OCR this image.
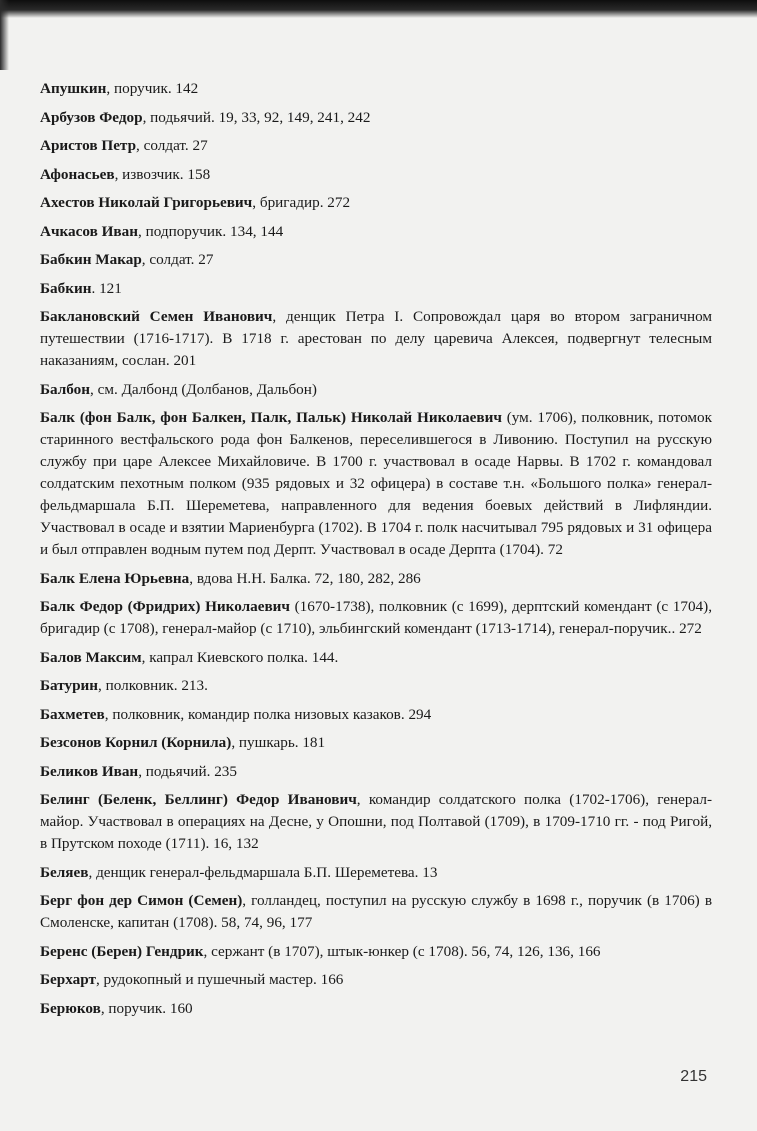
Апушкин, поручик. 142

Арбузов Федор, подьячий. 19, 33, 92, 149, 241, 242

Аристов Петр, солдат. 27

Афонасьев, извозчик. 158

Ахестов Николай Григорьевич, бригадир. 272

Ачкасов Иван, подпоручик. 134, 144

Бабкин Макар, солдат. 27

Бабкин. 121

Баклановский Семен Иванович, денщик Петра I. Сопровождал царя во втором заграничном путешествии (1716-1717). В 1718 г. арестован по делу царевича Алексея, подвергнут телесным наказаниям, сослан. 201

Балбон, см. Далбонд (Долбанов, Дальбон)

Балк (фон Балк, фон Балкен, Палк, Пальк) Николай Николаевич (ум. 1706), полковник, потомок старинного вестфальского рода фон Балкенов, переселившегося в Ливонию. Поступил на русскую службу при царе Алексее Михайловиче. В 1700 г. участвовал в осаде Нарвы. В 1702 г. командовал солдатским пехотным полком (935 рядовых и 32 офицера) в составе т.н. «Большого полка» генерал-фельдмаршала Б.П. Шереметева, направленного для ведения боевых действий в Лифляндии. Участвовал в осаде и взятии Мариенбурга (1702). В 1704 г. полк насчитывал 795 рядовых и 31 офицера и был отправлен водным путем под Дерпт. Участвовал в осаде Дерпта (1704). 72

Балк Елена Юрьевна, вдова Н.Н. Балка. 72, 180, 282, 286

Балк Федор (Фридрих) Николаевич (1670-1738), полковник (с 1699), дерптский комендант (с 1704), бригадир (с 1708), генерал-майор (с 1710), эльбингский комендант (1713-1714), генерал-поручик.. 272

Балов Максим, капрал Киевского полка. 144.

Батурин, полковник. 213.

Бахметев, полковник, командир полка низовых казаков. 294

Безсонов Корнил (Корнила), пушкарь. 181

Беликов Иван, подьячий. 235

Белинг (Беленк, Беллинг) Федор Иванович, командир солдатского полка (1702-1706), генерал-майор. Участвовал в операциях на Десне, у Опошни, под Полтавой (1709), в 1709-1710 гг. - под Ригой, в Прутском походе (1711). 16, 132

Беляев, денщик генерал-фельдмаршала Б.П. Шереметева. 13

Берг фон дер Симон (Семен), голландец, поступил на русскую службу в 1698 г., поручик (в 1706) в Смоленске, капитан (1708). 58, 74, 96, 177

Беренс (Берен) Гендрик, сержант (в 1707), штык-юнкер (с 1708). 56, 74, 126, 136, 166

Берхарт, рудокопный и пушечный мастер. 166

Берюков, поручик. 160

215
